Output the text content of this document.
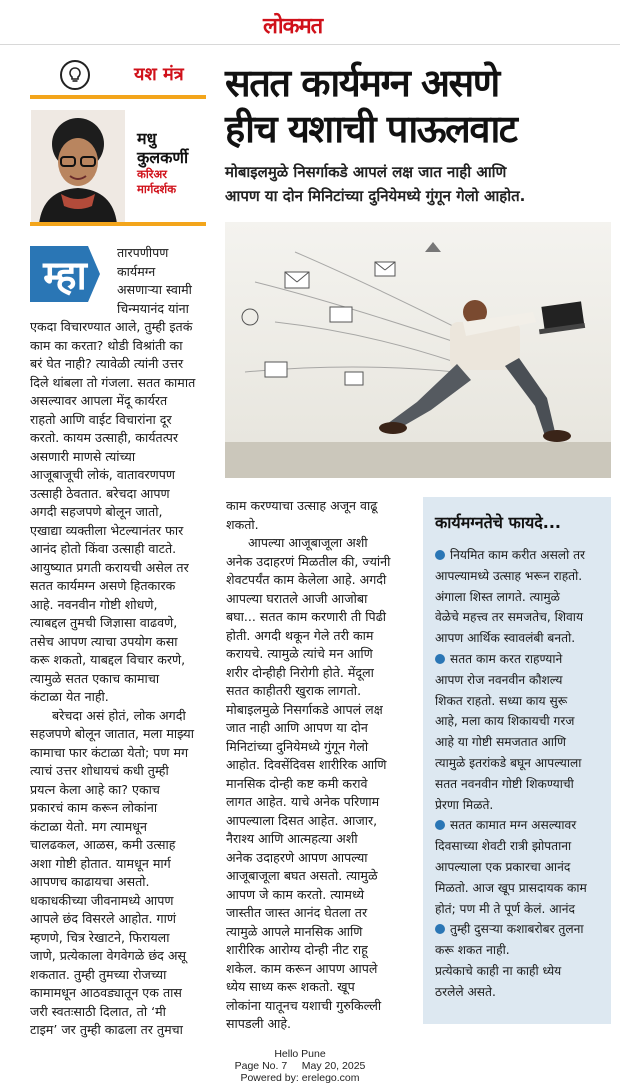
लोकमत
यश मंत्र
मधु
कुलकर्णी
करिअर
मार्गदर्शक
सतत कार्यमग्न असणे
हीच यशाची पाऊलवाट
मोबाइलमुळे निसर्गाकडे आपलं लक्ष जात नाही आणि
आपण या दोन मिनिटांच्या दुनियेमध्ये गुंगून गेलो आहोत.
म्हा
तारपणीपण
कार्यमग्न
असणाऱ्या स्वामी
चिन्मयानंद यांना
एकदा विचारण्यात आले, तुम्ही इतकं
काम का करता? थोडी विश्रांती का
बरं घेत नाही? त्यावेळी त्यांनी उत्तर
दिले थांबला तो गंजला. सतत कामात
असल्यावर आपला मेंदू कार्यरत
राहतो आणि वाईट विचारांना दूर
करतो. कायम उत्साही, कार्यतत्पर
असणारी माणसे त्यांच्या
आजूबाजूची लोकं, वातावरणपण
उत्साही ठेवतात. बरेचदा आपण
अगदी सहजपणे बोलून जातो,
एखाद्या व्यक्तीला भेटल्यानंतर फार
आनंद होतो किंवा उत्साही वाटते.
आयुष्यात प्रगती करायची असेल तर
सतत कार्यमग्न असणे हितकारक
आहे. नवनवीन गोष्टी शोधणे,
त्याबद्दल तुमची जिज्ञासा वाढवणे,
तसेच आपण त्याचा उपयोग कसा
करू शकतो, याबद्दल विचार करणे,
त्यामुळे सतत एकाच कामाचा
कंटाळा येत नाही.
बरेचदा असं होतं, लोक अगदी
सहजपणे बोलून जातात, मला माझ्या
कामाचा फार कंटाळा येतो; पण मग
त्याचं उत्तर शोधायचं कधी तुम्ही
प्रयत्न केला आहे का? एकाच
प्रकारचं काम करून लोकांना
कंटाळा येतो. मग त्यामधून
चालढकल, आळस, कमी उत्साह
अशा गोष्टी होतात. यामधून मार्ग
आपणच काढायचा असतो.
धकाधकीच्या जीवनामध्ये आपण
आपले छंद विसरले आहोत. गाणं
म्हणणे, चित्र रेखाटने, फिरायला
जाणे, प्रत्येकाला वेगवेगळे छंद असू
शकतात. तुम्ही तुमच्या रोजच्या
कामामधून आठवड्यातून एक तास
जरी स्वतःसाठी दिलात, तो ‘मी
टाइम’ जर तुम्ही काढला तर तुमचा
काम करण्याचा उत्साह अजून वाढू
शकतो.
आपल्या आजूबाजूला अशी
अनेक उदाहरणं मिळतील की, ज्यांनी
शेवटपर्यंत काम केलेला आहे. अगदी
आपल्या घरातले आजी आजोबा
बघा... सतत काम करणारी ती पिढी
होती. अगदी थकून गेले तरी काम
करायचे. त्यामुळे त्यांचे मन आणि
शरीर दोन्हीही निरोगी होते. मेंदूला
सतत काहीतरी खुराक लागतो.
मोबाइलमुळे निसर्गाकडे आपलं लक्ष
जात नाही आणि आपण या दोन
मिनिटांच्या दुनियेमध्ये गुंगून गेलो
आहोत. दिवसेंदिवस शारीरिक आणि
मानसिक दोन्ही कष्ट कमी करावे
लागत आहेत. याचे अनेक परिणाम
आपल्याला दिसत आहेत. आजार,
नैराश्य आणि आत्महत्या अशी
अनेक उदाहरणे आपण आपल्या
आजूबाजूला बघत असतो. त्यामुळे
आपण जे काम करतो. त्यामध्ये
जास्तीत जास्त आनंद घेतला तर
त्यामुळे आपले मानसिक आणि
शारीरिक आरोग्य दोन्ही नीट राहू
शकेल. काम करून आपण आपले
ध्येय साध्य करू शकतो. खूप
लोकांना यातूनच यशाची गुरुकिल्ली
सापडली आहे.
कार्यमग्नतेचे फायदे...
नियमित काम करीत असलो तर
आपल्यामध्ये उत्साह भरून राहतो.
अंगाला शिस्त लागते. त्यामुळे
वेळेचे महत्त्व तर समजतेच, शिवाय
आपण आर्थिक स्वावलंबी बनतो.
सतत काम करत राहण्याने
आपण रोज नवनवीन कौशल्य
शिकत राहतो. सध्या काय सुरू
आहे, मला काय शिकायची गरज
आहे या गोष्टी समजतात आणि
त्यामुळे इतरांकडे बघून आपल्याला
सतत नवनवीन गोष्टी शिकण्याची
प्रेरणा मिळते.
सतत कामात मग्न असल्यावर
दिवसाच्या शेवटी रात्री झोपताना
आपल्याला एक प्रकारचा आनंद
मिळतो. आज खूप प्रासदायक काम
होतं; पण मी ते पूर्ण केलं. आनंद
तुम्ही दुसऱ्या कशाबरोबर तुलना
करू शकत नाही.
प्रत्येकाचे काही ना काही ध्येय
ठरलेले असते.
Hello Pune
Page No. 7     May 20, 2025
Powered by: erelego.com
